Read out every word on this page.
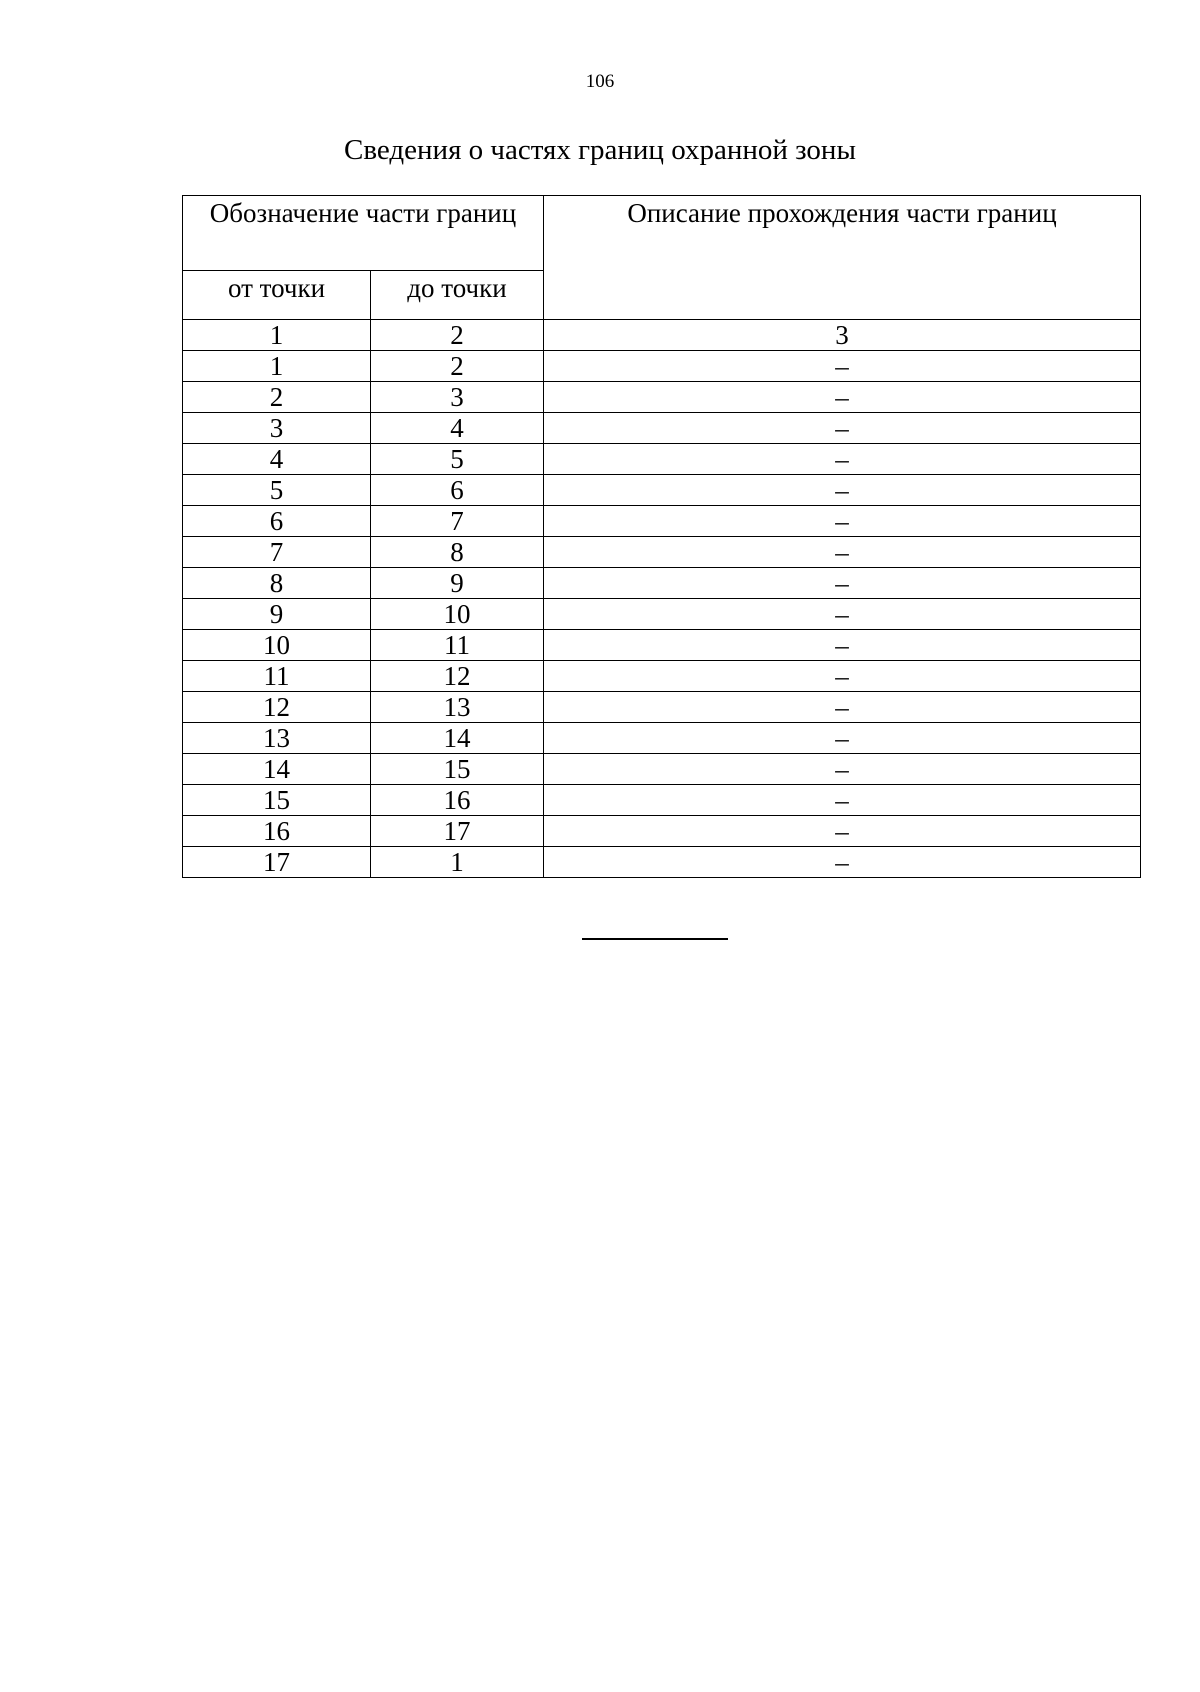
106
Сведения о частях границ охранной зоны
Обозначение части границ		Описание прохождения части границ
от точки	до точки	
1	2	3
1	2	–
2	3	–
3	4	–
4	5	–
5	6	–
6	7	–
7	8	–
8	9	–
9	10	–
10	11	–
11	12	–
12	13	–
13	14	–
14	15	–
15	16	–
16	17	–
17	1	–
